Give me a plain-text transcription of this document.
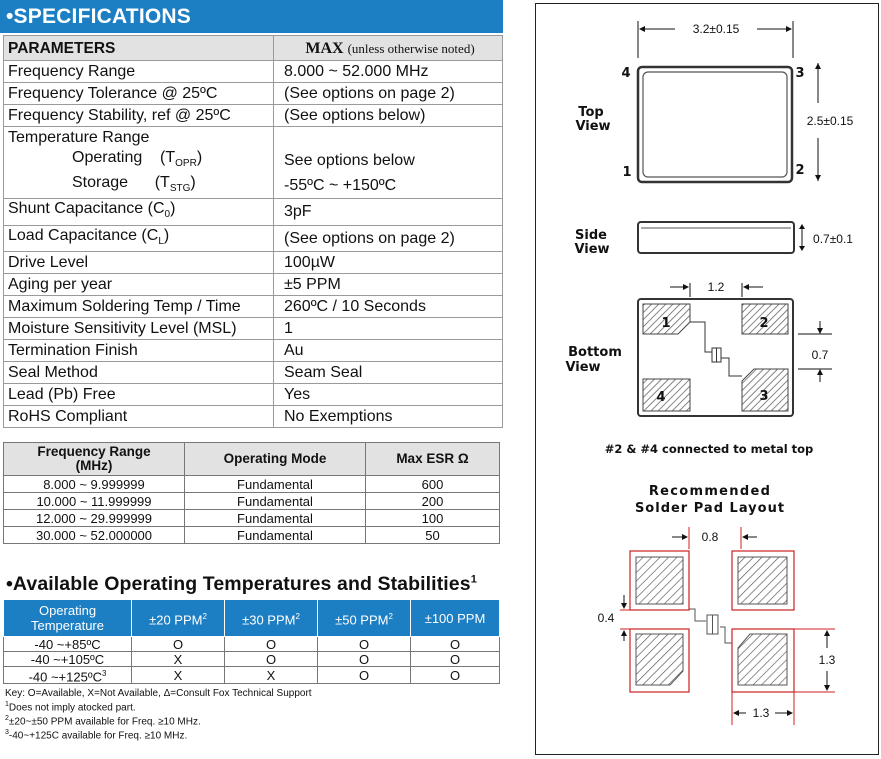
•SPECIFICATIONS
PARAMETERS	MAX (unless otherwise noted)
Frequency Range	8.000 ~ 52.000 MHz
Frequency Tolerance @ 25ºC	(See options on page 2)
Frequency Stability, ref @ 25ºC	(See options below)
Temperature Range	
Operating $(T_{OPR})$	See options below
Storage $(T_{STG})$	-55ºC ~ +150ºC
Shunt Capacitance $(C_0)$	3pF
Load Capacitance $(C_L)$	(See options on page 2)
Drive Level	100µW
Aging per year	±5 PPM
Maximum Soldering Temp / Time	260ºC / 10 Seconds
Moisture Sensitivity Level (MSL)	1
Termination Finish	Au
Seal Method	Seam Seal
Lead (Pb) Free	Yes
RoHS Compliant	No Exemptions
Frequency Range
(MHz)	Operating Mode	Max ESR Ω
8.000 ~ 9.999999	Fundamental	600
10.000 ~ 11.999999	Fundamental	200
12.000 ~ 29.999999	Fundamental	100
30.000 ~ 52.000000	Fundamental	50
•Available Operating Temperatures and Stabilities$^1$
Operating
Temperature	±20 $PPM^2$	±30 $PPM^2$	±50 $PPM^2$	±100 PPM
-40 ~+85ºC	O	O	O	O
-40 ~+105ºC	X	O	O	O
-40 ~+125ºC$^3$	X	X	O	O
Key: O=Available, X=Not Available, Δ=Consult Fox Technical Support
$^1$Does not imply atocked part.
$^2$±20~±50 PPM available for Freq. ≥10 MHz.
$^3$-40~+125C available for Freq. ≥10 MHz.
3.2±0.15
4	3
1	2
Top
View	2.5±0.15
Side
View
0.7±0.1
1.2
1	2
3
4
Bottom
View
0.7
#2 & #4 connected to metal top
Recommended
Solder Pad Layout
0.8
0.4
1.3
1.3
